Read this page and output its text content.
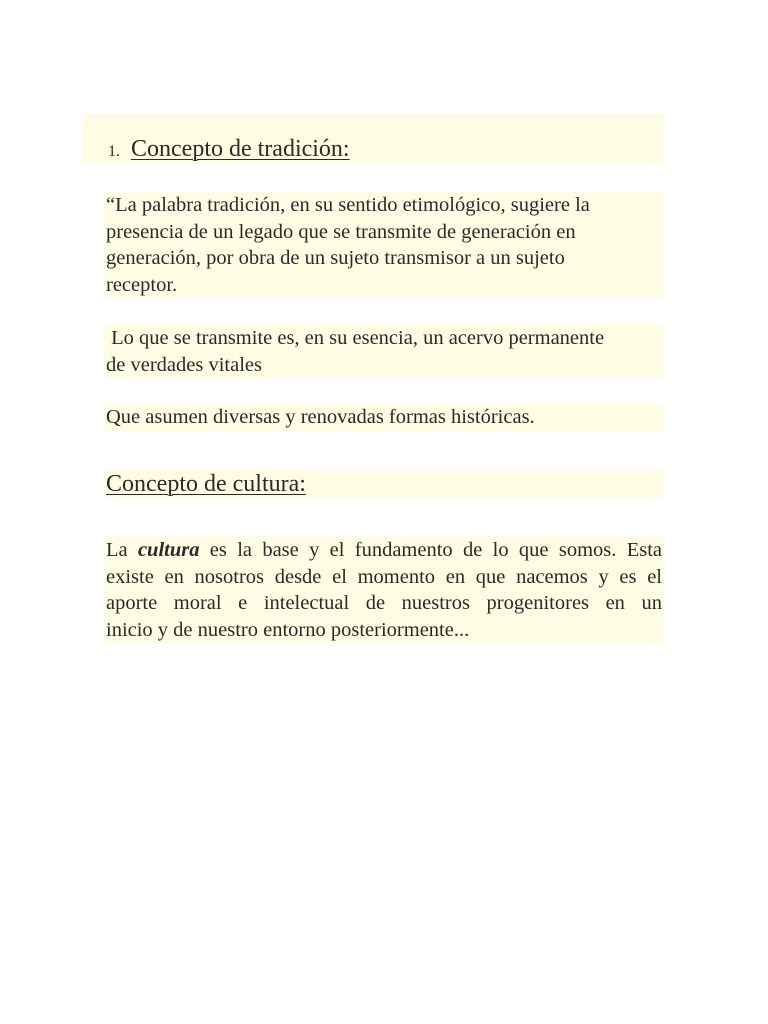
1. Concepto de tradición:
“La palabra tradición, en su sentido etimológico, sugiere la
presencia de un legado que se transmite de generación en
generación, por obra de un sujeto transmisor a un sujeto
receptor.
Lo que se transmite es, en su esencia, un acervo permanente
de verdades vitales
Que asumen diversas y renovadas formas históricas.
Concepto de cultura:
La cultura es la base y el fundamento de lo que somos. Esta
existe en nosotros desde el momento en que nacemos y es el
aporte moral e intelectual de nuestros progenitores en un
inicio y de nuestro entorno posteriormente...
